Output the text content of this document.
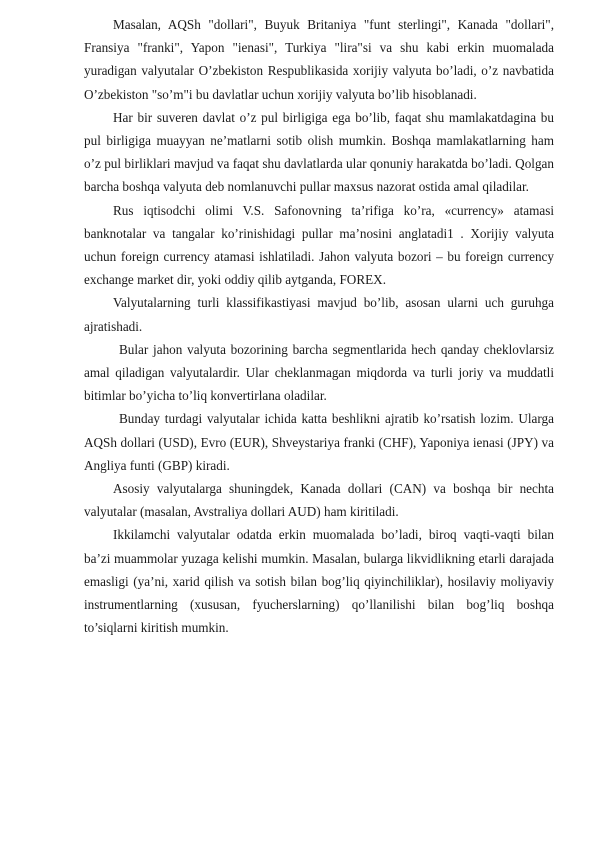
Masalan, AQSh "dollari", Buyuk Britaniya "funt sterlingi", Kanada "dollari", Fransiya "franki", Yapon "ienasi", Turkiya "lira"si va shu kabi erkin muomalada yuradigan valyutalar O’zbekiston Respublikasida xorijiy valyuta bo’ladi, o’z navbatida O’zbekiston "so’m"i bu davlatlar uchun xorijiy valyuta bo’lib hisoblanadi.

Har bir suveren davlat o’z pul birligiga ega bo’lib, faqat shu mamlakatdagina bu pul birligiga muayyan ne’matlarni sotib olish mumkin. Boshqa mamlakatlarning ham o’z pul birliklari mavjud va faqat shu davlatlarda ular qonuniy harakatda bo’ladi. Qolgan barcha boshqa valyuta deb nomlanuvchi pullar maxsus nazorat ostida amal qiladilar.

Rus iqtisodchi olimi V.S. Safonovning ta’rifiga ko’ra, «currency» atamasi banknotalar va tangalar ko’rinishidagi pullar ma’nosini anglatadi1 . Xorijiy valyuta uchun foreign currency atamasi ishlatiladi. Jahon valyuta bozori – bu foreign currency exchange market dir, yoki oddiy qilib aytganda, FOREX.

Valyutalarning turli klassifikastiyasi mavjud bo’lib, asosan ularni uch guruhga ajratishadi.

Bular jahon valyuta bozorining barcha segmentlarida hech qanday cheklovlarsiz amal qiladigan valyutalardir. Ular cheklanmagan miqdorda va turli joriy va muddatli bitimlar bo’yicha to’liq konvertirlana oladilar.

Bunday turdagi valyutalar ichida katta beshlikni ajratib ko’rsatish lozim. Ularga AQSh dollari (USD), Evro (EUR), Shveystariya franki (CHF), Yaponiya ienasi (JPY) va Angliya funti (GBP) kiradi.

Asosiy valyutalarga shuningdek, Kanada dollari (CAN) va boshqa bir nechta valyutalar (masalan, Avstraliya dollari AUD) ham kiritiladi.

Ikkilamchi valyutalar odatda erkin muomalada bo’ladi, biroq vaqti-vaqti bilan ba’zi muammolar yuzaga kelishi mumkin. Masalan, bularga likvidlikning etarli darajada emasligi (ya’ni, xarid qilish va sotish bilan bog’liq qiyinchiliklar), hosilaviy moliyaviy instrumentlarning (xususan, fyucherslarning) qo’llanilishi bilan bog’liq boshqa to’siqlarni kiritish mumkin.
